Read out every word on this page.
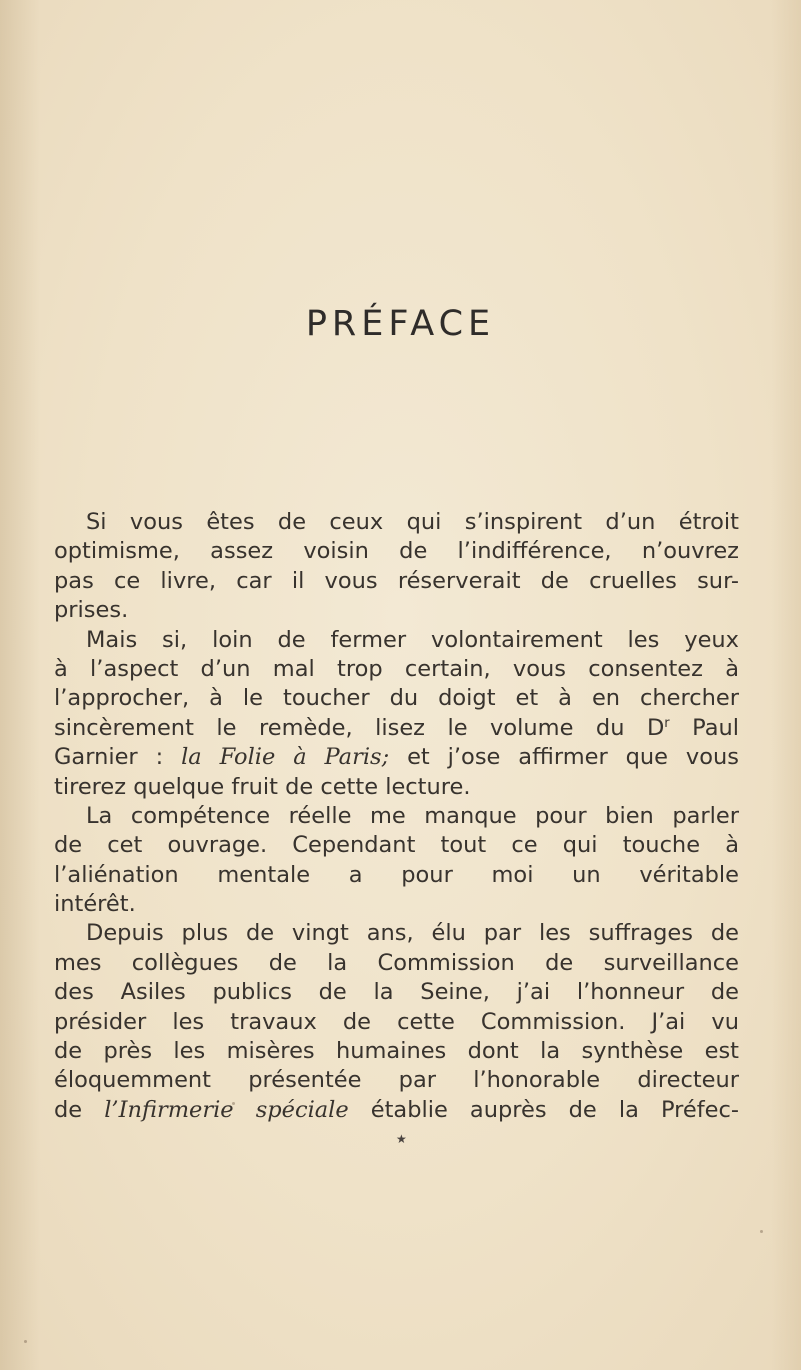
PRÉFACE
Si vous êtes de ceux qui s’inspirent d’un étroit
optimisme, assez voisin de l’indifférence, n’ouvrez
pas ce livre, car il vous réserverait de cruelles sur-
prises.
Mais si, loin de fermer volontairement les yeux
à l’aspect d’un mal trop certain, vous consentez à
l’approcher, à le toucher du doigt et à en chercher
sincèrement le remède, lisez le volume du $D^r$ Paul
Garnier : la Folie à Paris; et j’ose affirmer que vous
tirerez quelque fruit de cette lecture.
La compétence réelle me manque pour bien parler
de cet ouvrage. Cependant tout ce qui touche à
l’aliénation mentale a pour moi un véritable
intérêt.
Depuis plus de vingt ans, élu par les suffrages de
mes collègues de la Commission de surveillance
des Asiles publics de la Seine, j’ai l’honneur de
présider les travaux de cette Commission. J’ai vu
de près les misères humaines dont la synthèse est
éloquemment présentée par l’honorable directeur
de l’Infirmerie spéciale établie auprès de la Préfec-
★
